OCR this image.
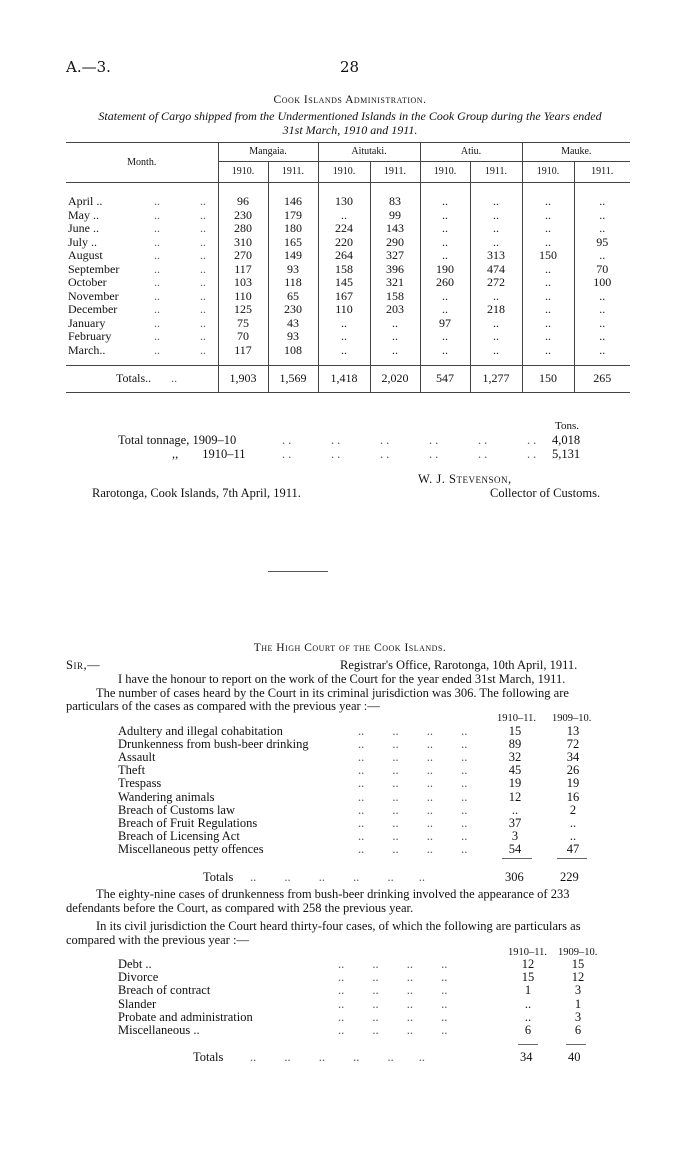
A.—3.	28
Cook Islands Administration.
Statement of Cargo shipped from the Undermentioned Islands in the Cook Group during the Years ended
31st March, 1910 and 1911.
Month.	Mangaia.		Aitutaki.		Atiu.		Mauke.	
	1910.	1911.	1910.	1911.	1910.	1911.	1910.	1911.

April .. .. ..	96	146	130	83	..	..	..	..
May .. .. ..	230	179	..	99	..	..	..	..
June .. .. ..	280	180	224	143	..	..	..	..
July .. .. ..	310	165	220	290	..	..	..	95
August .. ..	270	149	264	327	..	313	150	..
September .. ..	117	93	158	396	190	474	..	70
October .. ..	103	118	145	321	260	272	..	100
November .. ..	110	65	167	158	..	..	..	..
December .. ..	125	230	110	203	..	218	..	..
January .. ..	75	43	..	..	97	..	..	..
February .. ..	70	93	..	..	..	..	..	..
March.. .. ..	117	108	..	..	..	..	..	..

Totals.. ..	1,903	1,569	1,418	2,020	547	1,277	150	265
Tons.
Total tonnage, 1909–10	..      ..      ..      ..      ..      .. 4,018
,, 1910–11	..      ..      ..      ..      ..      .. 5,131
W. J. Stevenson,
Rarotonga, Cook Islands, 7th April, 1911.	Collector of Customs.
The High Court of the Cook Islands.
Sir,—	Registrar's Office, Rarotonga, 10th April, 1911.
I have the honour to report on the work of the Court for the year ended 31st March, 1911.
The number of cases heard by the Court in its criminal jurisdiction was 306. The following are
particulars of the cases as compared with the previous year :—
1910–11. 1909–10.
Adultery and illegal cohabitation	..         ..         ..         ..	15	13
Drunkenness from bush-beer drinking	..         ..         ..         ..	89	72
Assault	..         ..         ..         ..	32	34
Theft	..         ..         ..         ..	45	26
Trespass	..         ..         ..         ..	19	19
Wandering animals	..         ..         ..         ..	12	16
Breach of Customs law	..         ..         ..         ..	..	2
Breach of Fruit Regulations	..         ..         ..         ..	37	..
Breach of Licensing Act	..         ..         ..         ..	3	..
Miscellaneous petty offences	..         ..         ..         ..	54	47
Totals ..         ..         ..         ..         ..        ..	306	229
The eighty-nine cases of drunkenness from bush-beer drinking involved the appearance of 233
defendants before the Court, as compared with 258 the previous year.
In its civil jurisdiction the Court heard thirty-four cases, of which the following are particulars as
compared with the previous year :—
1910–11. 1909–10.
Debt ..	..         ..         ..         ..	12	15
Divorce	..         ..         ..         ..	15	12
Breach of contract	..         ..         ..         ..	1	3
Slander	..         ..         ..         ..	..	1
Probate and administration	..         ..         ..         ..	..	3
Miscellaneous ..	..         ..         ..         ..	6	6
Totals ..         ..         ..         ..         ..        ..	34	40
